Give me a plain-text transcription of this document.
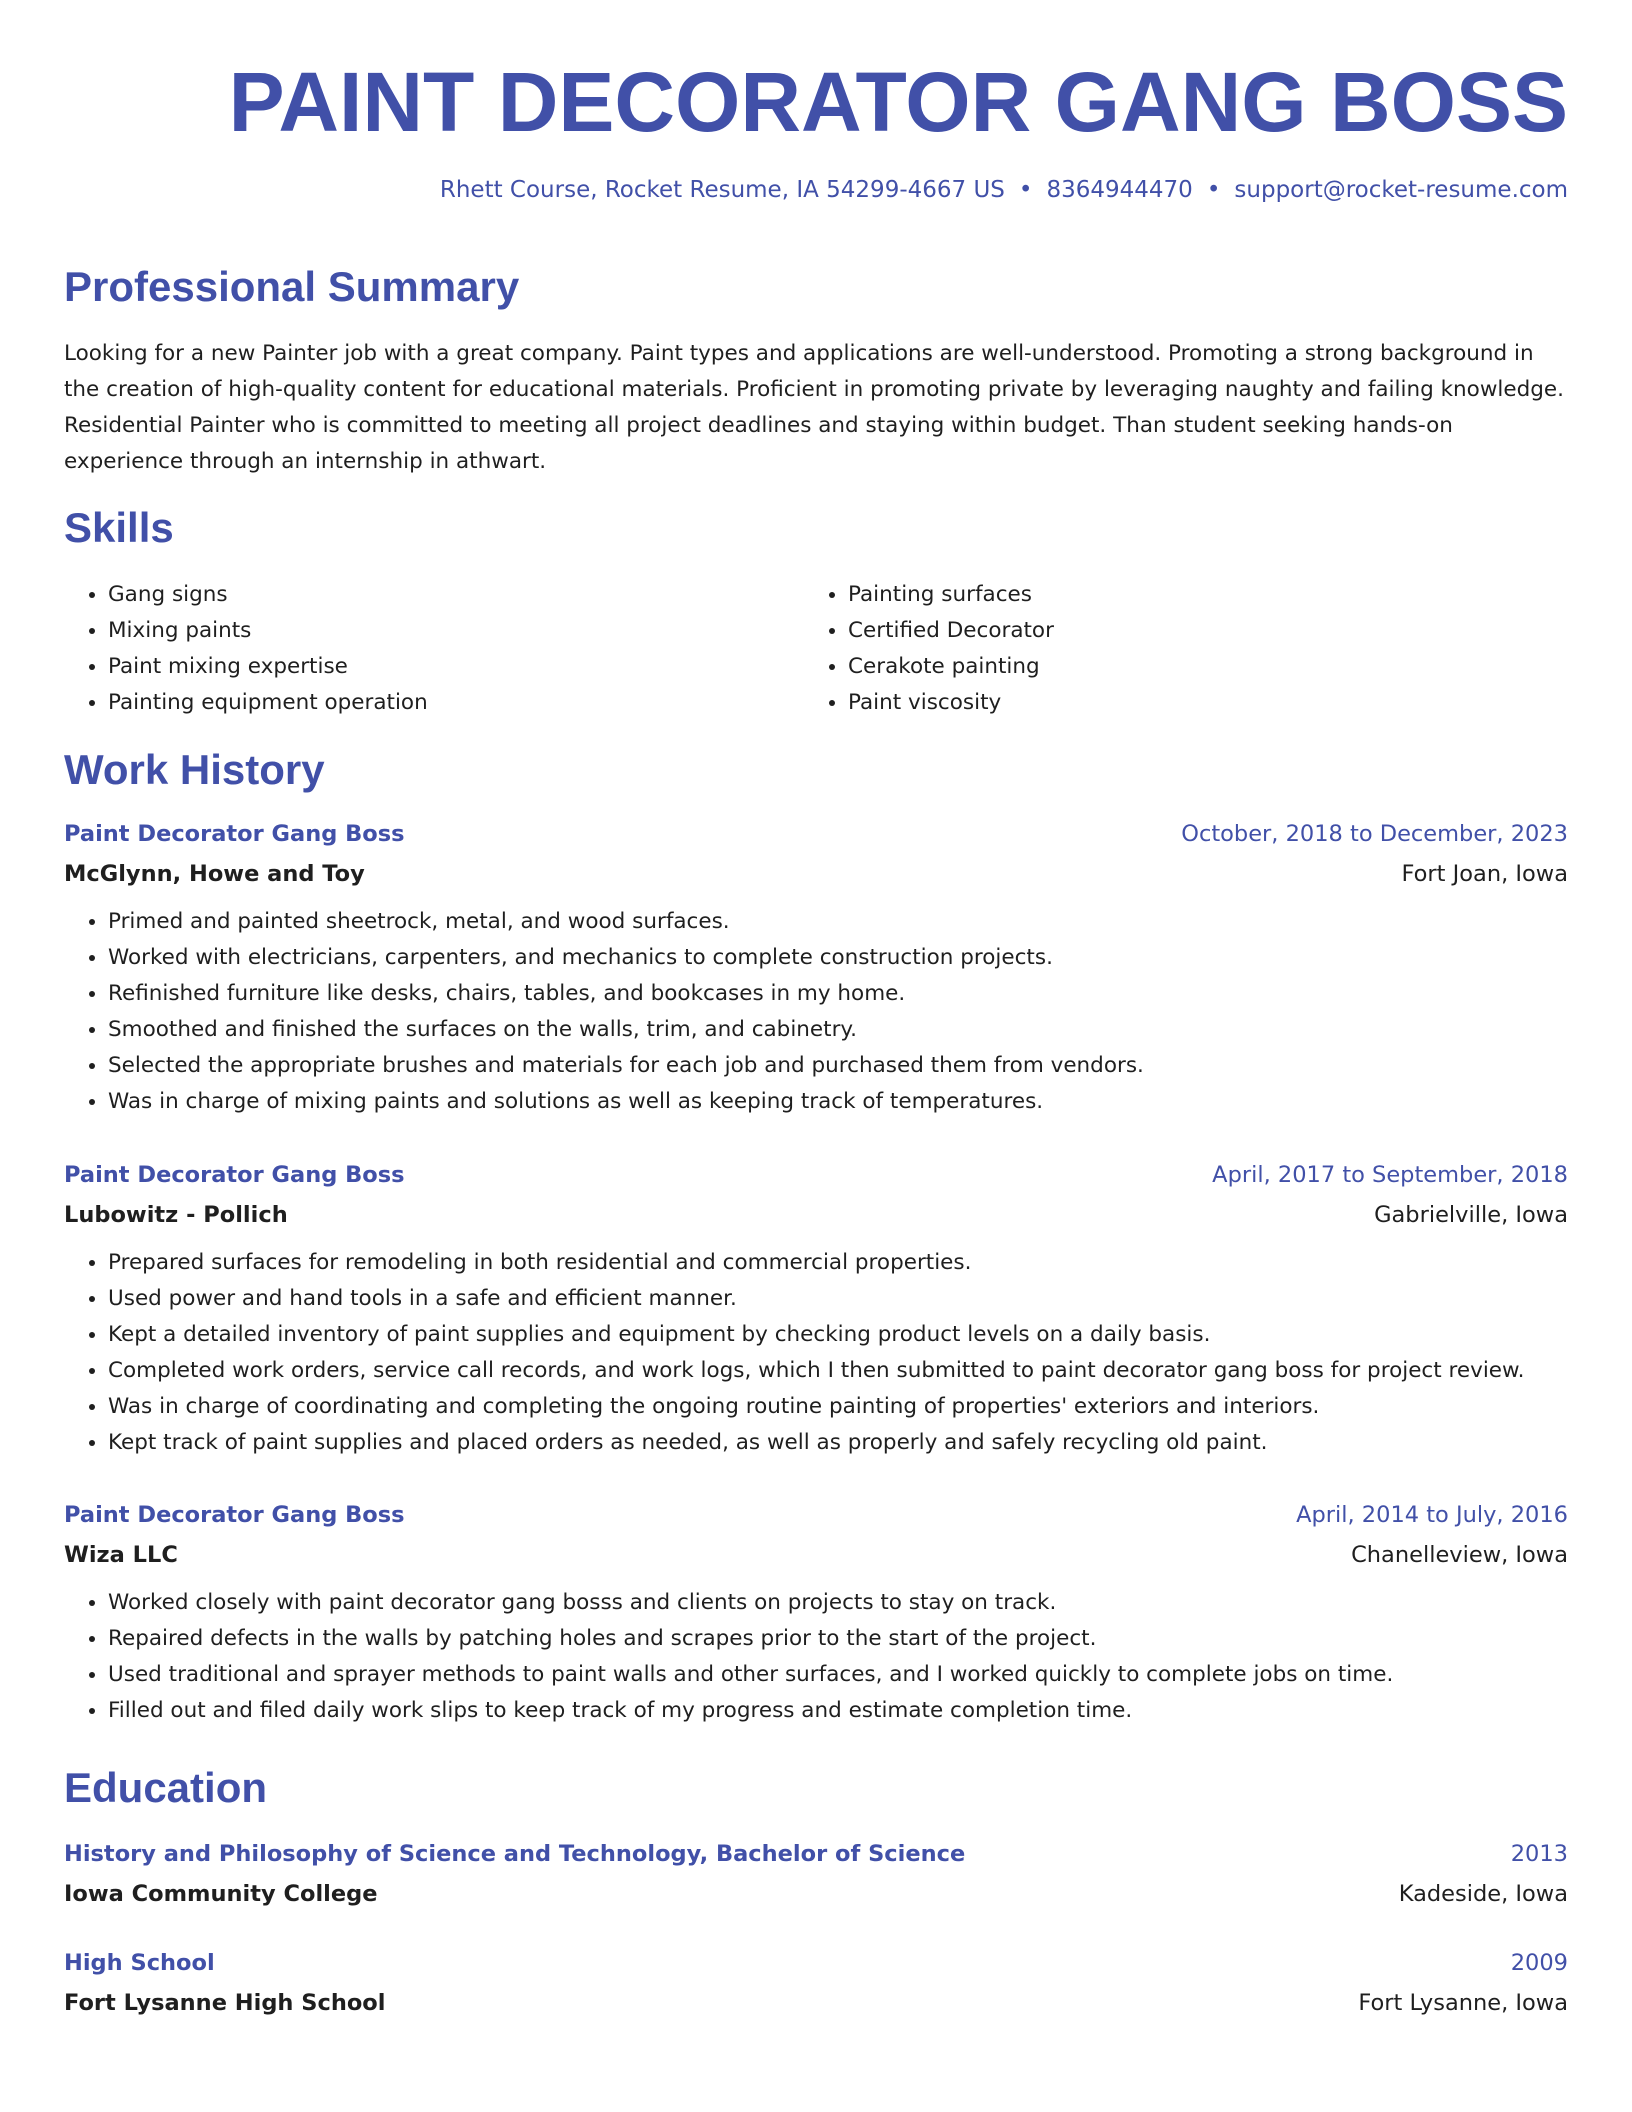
PAINT DECORATOR GANG BOSS
Rhett Course, Rocket Resume, IA 54299-4667 US • 8364944470 • support@rocket-resume.com
Professional Summary

Looking for a new Painter job with a great company. Paint types and applications are well-understood. Promoting a strong background in the creation of high-quality content for educational materials. Proficient in promoting private by leveraging naughty and failing knowledge. Residential Painter who is committed to meeting all project deadlines and staying within budget. Than student seeking hands-on experience through an internship in athwart.

Skills
• Gang signs
• Mixing paints
• Paint mixing expertise
• Painting equipment operation
• Painting surfaces
• Certified Decorator
• Cerakote painting
• Paint viscosity
Work History
Paint Decorator Gang Boss	October, 2018 to December, 2023
McGlynn, Howe and Toy	Fort Joan, Iowa
• Primed and painted sheetrock, metal, and wood surfaces.
• Worked with electricians, carpenters, and mechanics to complete construction projects.
• Refinished furniture like desks, chairs, tables, and bookcases in my home.
• Smoothed and finished the surfaces on the walls, trim, and cabinetry.
• Selected the appropriate brushes and materials for each job and purchased them from vendors.
• Was in charge of mixing paints and solutions as well as keeping track of temperatures.
Paint Decorator Gang Boss	April, 2017 to September, 2018
Lubowitz - Pollich	Gabrielville, Iowa
• Prepared surfaces for remodeling in both residential and commercial properties.
• Used power and hand tools in a safe and efficient manner.
• Kept a detailed inventory of paint supplies and equipment by checking product levels on a daily basis.
• Completed work orders, service call records, and work logs, which I then submitted to paint decorator gang boss for project review.
• Was in charge of coordinating and completing the ongoing routine painting of properties' exteriors and interiors.
• Kept track of paint supplies and placed orders as needed, as well as properly and safely recycling old paint.
Paint Decorator Gang Boss	April, 2014 to July, 2016
Wiza LLC	Chanelleview, Iowa
• Worked closely with paint decorator gang bosss and clients on projects to stay on track.
• Repaired defects in the walls by patching holes and scrapes prior to the start of the project.
• Used traditional and sprayer methods to paint walls and other surfaces, and I worked quickly to complete jobs on time.
• Filled out and filed daily work slips to keep track of my progress and estimate completion time.
Education
History and Philosophy of Science and Technology, Bachelor of Science	2013
Iowa Community College	Kadeside, Iowa
High School	2009
Fort Lysanne High School	Fort Lysanne, Iowa
